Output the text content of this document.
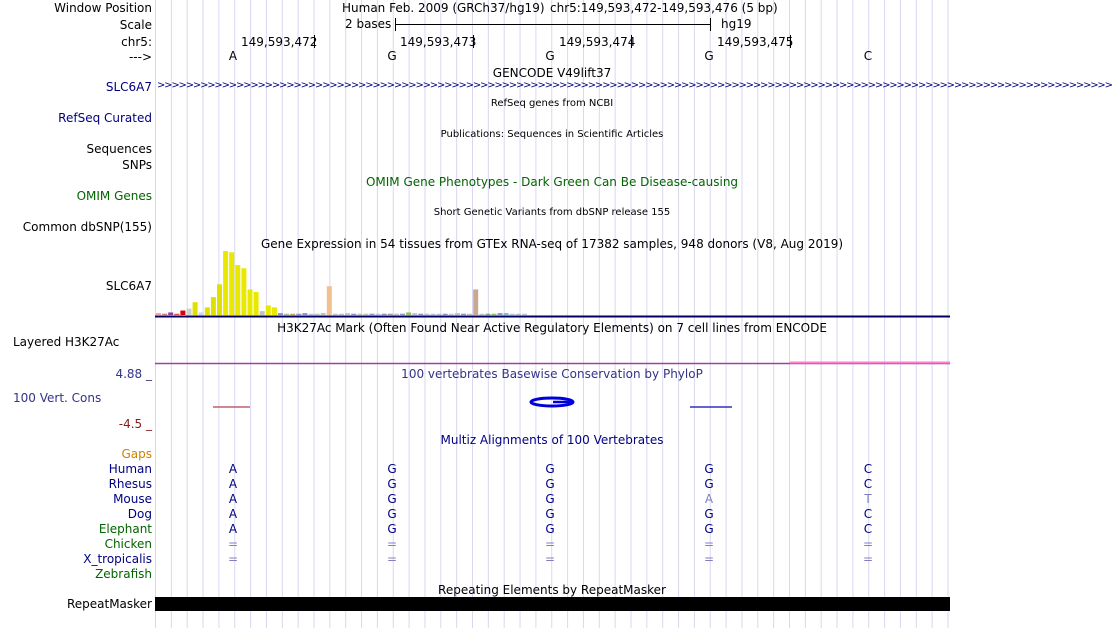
Window Position	Human Feb. 2009 (GRCh37/hg19) chr5:149,593,472-149,593,476 (5 bp)
Scale	2 bases	hg19
chr5:	149,593,472	149,593,473	149,593,474	149,593,475
--->	A	G	G	G	C
GENCODE V49lift37
SLC6A7 >>>>>>>>>>>>>>>>>>>>>>>>>>>>>>>>>>>>>>>>>>>>>>>>>>>>>>>>>>>>>>>>>>>>>>>>>>>>>>>>>>>>>>>>>>>>>>>>>>>>>>>>>>>>>>>>>>>>>>>>>>>>>>>>>>>>>
RefSeq genes from NCBI
RefSeq Curated
Publications: Sequences in Scientific Articles
Sequences
SNPs
OMIM Gene Phenotypes - Dark Green Can Be Disease-causing
OMIM Genes
Short Genetic Variants from dbSNP release 155
Common dbSNP(155)
Gene Expression in 54 tissues from GTEx RNA-seq of 17382 samples, 948 donors (V8, Aug 2019)
SLC6A7
H3K27Ac Mark (Often Found Near Active Regulatory Elements) on 7 cell lines from ENCODE
Layered H3K27Ac
100 vertebrates Basewise Conservation by PhyloP
4.88 _
100 Vert. Cons
-4.5 _
Multiz Alignments of 100 Vertebrates
Gaps
Human	A	G	G	G	C
Rhesus	A	G	G	G	C
Mouse	A	G	G	A	T
Dog	A	G	G	G	C
Elephant	A	G	G	G	C
Chicken	=	=	=	=	=
X_tropicalis	=	=	=	=	=
Zebrafish
Repeating Elements by RepeatMasker
RepeatMasker
